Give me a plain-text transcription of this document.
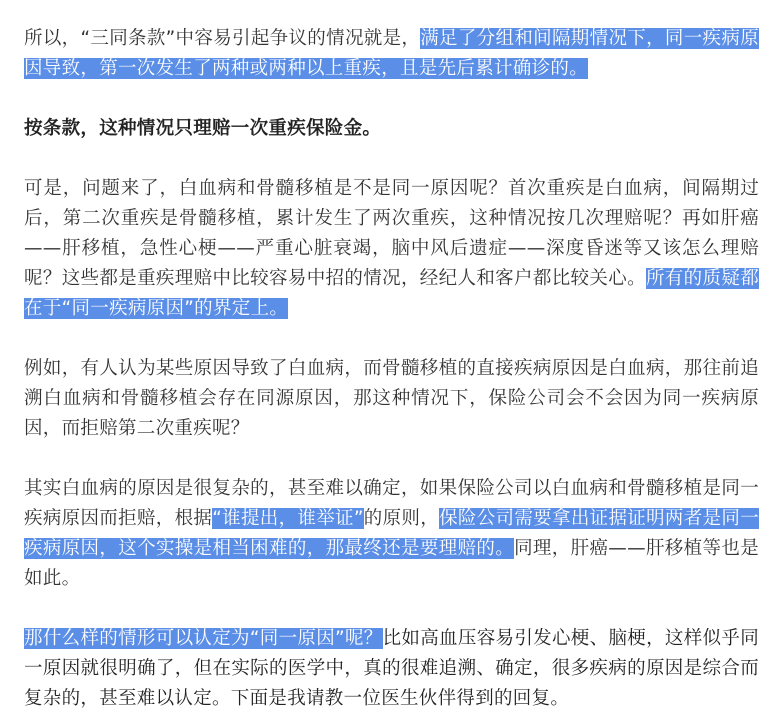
所以，“三同条款”中容易引起争议的情况就是，满足了分组和间隔期情况下，同一疾病原因导致，第一次发生了两种或两种以上重疾，且是先后累计确诊的。

按条款，这种情况只理赔一次重疾保险金。

可是，问题来了，白血病和骨髓移植是不是同一原因呢？首次重疾是白血病，间隔期过后，第二次重疾是骨髓移植，累计发生了两次重疾，这种情况按几次理赔呢？再如肝癌——肝移植，急性心梗——严重心脏衰竭，脑中风后遗症——深度昏迷等又该怎么理赔呢？这些都是重疾理赔中比较容易中招的情况，经纪人和客户都比较关心。所有的质疑都在于“同一疾病原因”的界定上。

例如，有人认为某些原因导致了白血病，而骨髓移植的直接疾病原因是白血病，那往前追溯白血病和骨髓移植会存在同源原因，那这种情况下，保险公司会不会因为同一疾病原因，而拒赔第二次重疾呢？

其实白血病的原因是很复杂的，甚至难以确定，如果保险公司以白血病和骨髓移植是同一疾病原因而拒赔，根据“谁提出，谁举证”的原则，保险公司需要拿出证据证明两者是同一疾病原因，这个实操是相当困难的，那最终还是要理赔的。同理，肝癌——肝移植等也是如此。

那什么样的情形可以认定为“同一原因”呢？比如高血压容易引发心梗、脑梗，这样似乎同一原因就很明确了，但在实际的医学中，真的很难追溯、确定，很多疾病的原因是综合而复杂的，甚至难以认定。下面是我请教一位医生伙伴得到的回复。
